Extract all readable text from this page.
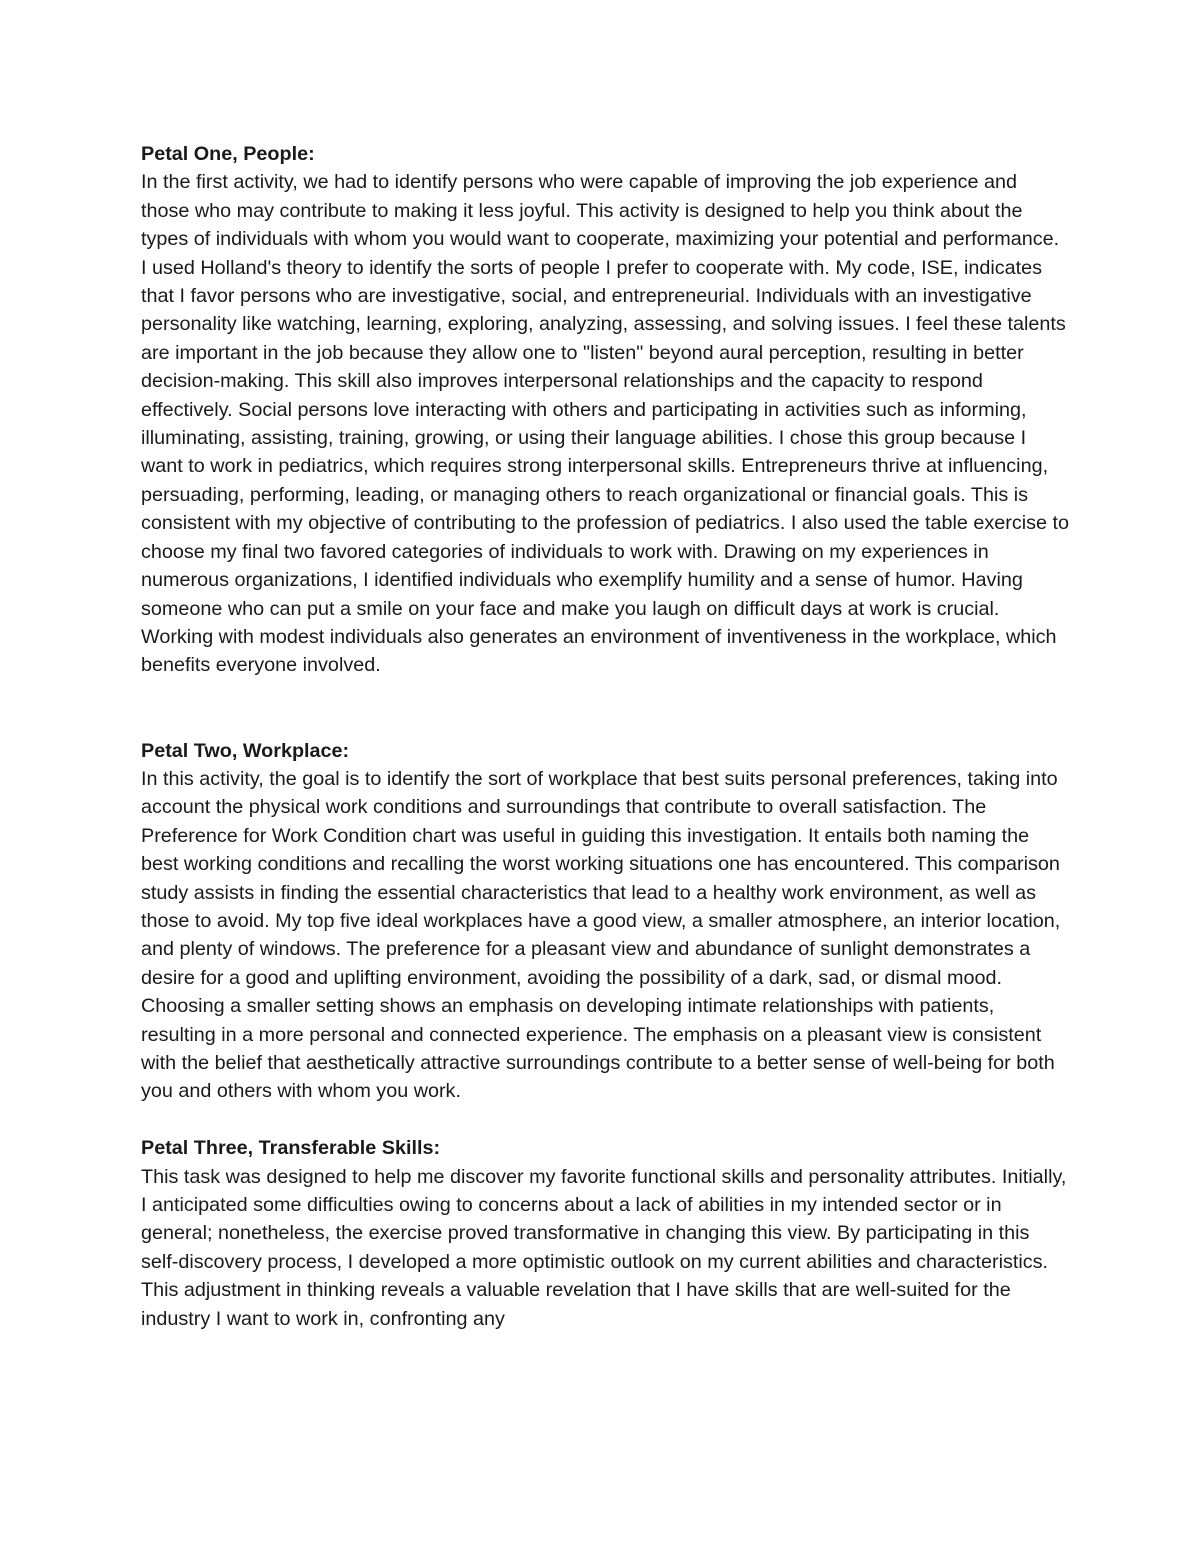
Petal One, People:
In the first activity, we had to identify persons who were capable of improving the job experience and those who may contribute to making it less joyful. This activity is designed to help you think about the types of individuals with whom you would want to cooperate, maximizing your potential and performance. I used Holland's theory to identify the sorts of people I prefer to cooperate with. My code, ISE, indicates that I favor persons who are investigative, social, and entrepreneurial. Individuals with an investigative personality like watching, learning, exploring, analyzing, assessing, and solving issues. I feel these talents are important in the job because they allow one to "listen" beyond aural perception, resulting in better decision-making. This skill also improves interpersonal relationships and the capacity to respond effectively. Social persons love interacting with others and participating in activities such as informing, illuminating, assisting, training, growing, or using their language abilities. I chose this group because I want to work in pediatrics, which requires strong interpersonal skills. Entrepreneurs thrive at influencing, persuading, performing, leading, or managing others to reach organizational or financial goals. This is consistent with my objective of contributing to the profession of pediatrics. I also used the table exercise to choose my final two favored categories of individuals to work with. Drawing on my experiences in numerous organizations, I identified individuals who exemplify humility and a sense of humor. Having someone who can put a smile on your face and make you laugh on difficult days at work is crucial. Working with modest individuals also generates an environment of inventiveness in the workplace, which benefits everyone involved.
Petal Two, Workplace:
In this activity, the goal is to identify the sort of workplace that best suits personal preferences, taking into account the physical work conditions and surroundings that contribute to overall satisfaction. The Preference for Work Condition chart was useful in guiding this investigation. It entails both naming the best working conditions and recalling the worst working situations one has encountered. This comparison study assists in finding the essential characteristics that lead to a healthy work environment, as well as those to avoid. My top five ideal workplaces have a good view, a smaller atmosphere, an interior location, and plenty of windows. The preference for a pleasant view and abundance of sunlight demonstrates a desire for a good and uplifting environment, avoiding the possibility of a dark, sad, or dismal mood. Choosing a smaller setting shows an emphasis on developing intimate relationships with patients, resulting in a more personal and connected experience. The emphasis on a pleasant view is consistent with the belief that aesthetically attractive surroundings contribute to a better sense of well-being for both you and others with whom you work.
Petal Three, Transferable Skills:
This task was designed to help me discover my favorite functional skills and personality attributes. Initially, I anticipated some difficulties owing to concerns about a lack of abilities in my intended sector or in general; nonetheless, the exercise proved transformative in changing this view. By participating in this self-discovery process, I developed a more optimistic outlook on my current abilities and characteristics. This adjustment in thinking reveals a valuable revelation that I have skills that are well-suited for the industry I want to work in, confronting any
